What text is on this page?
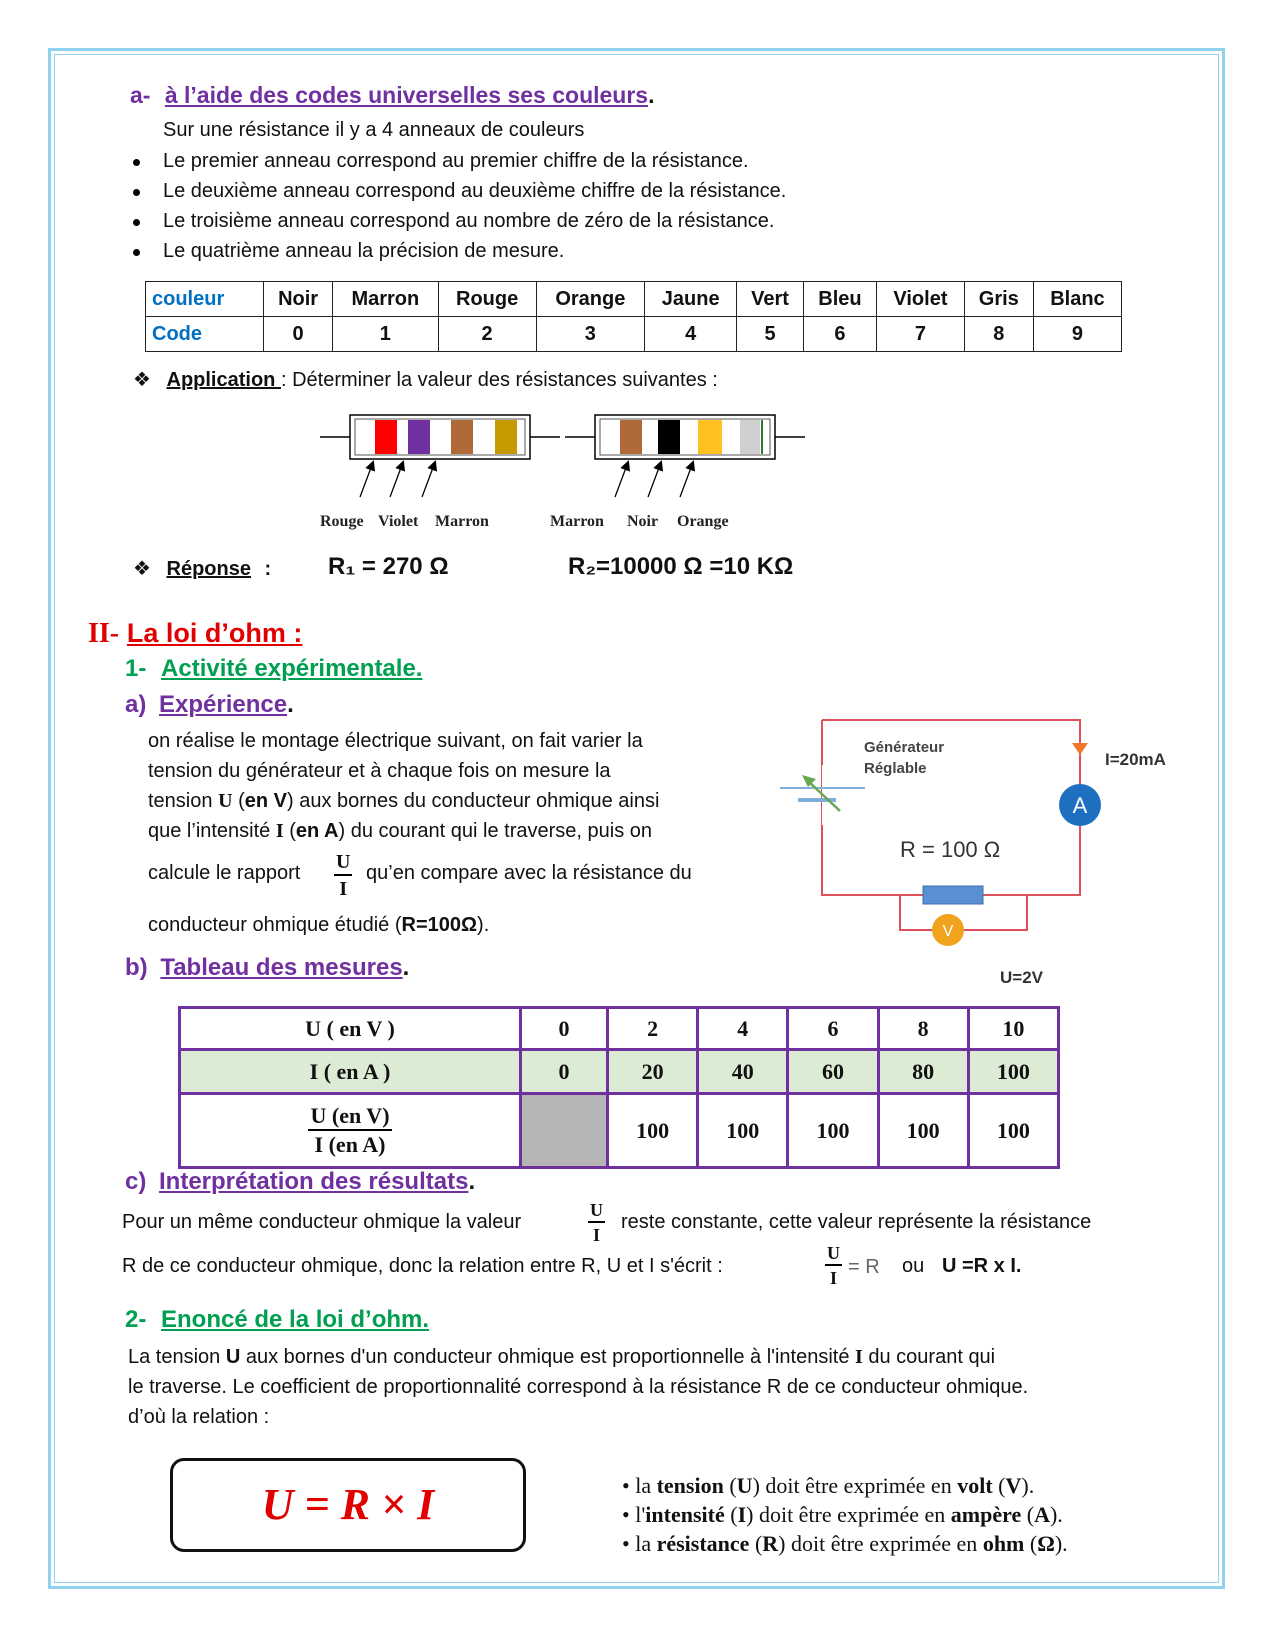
a- à l’aide des codes universelles ses couleurs.
Sur une résistance il y a 4 anneaux de couleurs
Le premier anneau correspond au premier chiffre de la résistance.
Le deuxième anneau correspond au deuxième chiffre de la résistance.
Le troisième anneau correspond au nombre de zéro de la résistance.
Le quatrième anneau la précision de mesure.
couleur	Noir	Marron	Rouge	Orange	Jaune	Vert	Bleu	Violet	Gris	Blanc
Code	0	1	2	3	4	5	6	7	8	9
❖ Application : Déterminer la valeur des résistances suivantes :
Rouge Violet Marron	Marron Noir Orange
❖ Réponse : R₁ = 270 Ω	R₂=10000 Ω =10 KΩ
II- La loi d’ohm :
1- Activité expérimentale.
a) Expérience.
on réalise le montage électrique suivant, on fait varier la
tension du générateur et à chaque fois on mesure la
tension U (en V) aux bornes du conducteur ohmique ainsi
que l’intensité I (en A) du courant qui le traverse, puis on
calcule le rapport $\frac{U}{I}$ qu’en compare avec la résistance du
conducteur ohmique étudié (R=100Ω).
Générateur
Réglable	I=20mA
A
R = 100 Ω
V
U=2V
b) Tableau des mesures.
U ( en V )	0	2	4	6	8	10
I ( en A )	0	20	40	60	80	100

$\frac{\text{U (en V)}}{\text{I (en A)}}$		100	100	100	100	100
c) Interprétation des résultats.
Pour un même conducteur ohmique la valeur	$\frac{U}{I}$ reste constante, cette valeur représente la résistance
R de ce conducteur ohmique, donc la relation entre R, U et I s'écrit :	$\frac{U}{I} = R$ ou U =R x I.
2- Enoncé de la loi d’ohm.
La tension U aux bornes d'un conducteur ohmique est proportionnelle à l'intensité I du courant qui
le traverse. Le coefficient de proportionnalité correspond à la résistance R de ce conducteur ohmique.
d’où la relation :
U = R × I	• la tension (U) doit être exprimée en volt (V).
• l'intensité (I) doit être exprimée en ampère (A).
• la résistance (R) doit être exprimée en ohm (Ω).
